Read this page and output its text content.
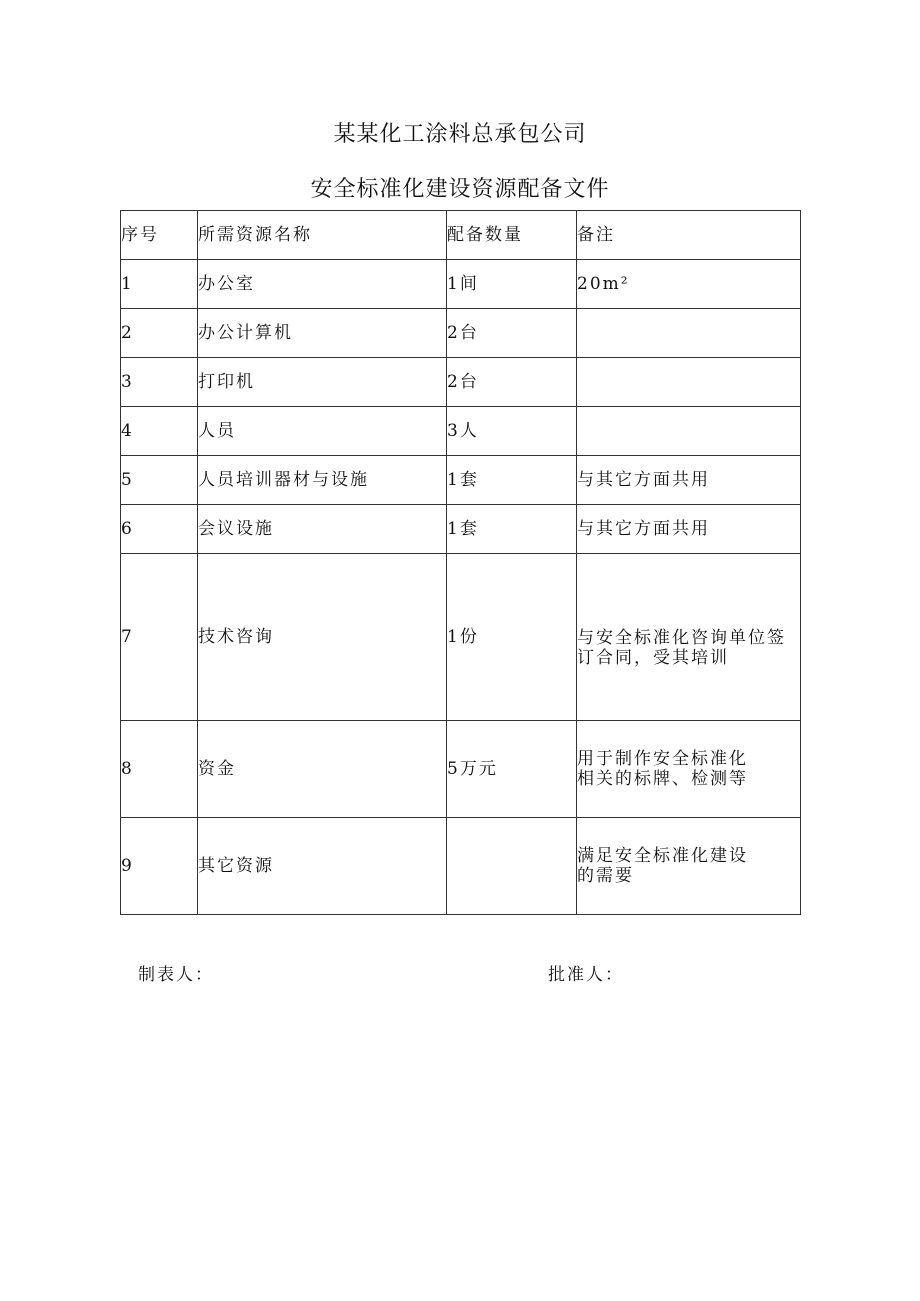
某某化工涂料总承包公司
安全标准化建设资源配备文件
序号	所需资源名称	配备数量	备注
1	办公室	1间	20m²
2	办公计算机	2台	
3	打印机	2台	
4	人员	3人	
5	人员培训器材与设施	1套	与其它方面共用
6	会议设施	1套	与其它方面共用
7	技术咨询	1份	与安全标准化咨询单位签
订合同，受其培训

8	资金	5万元	用于制作安全标准化
相关的标牌、检测等

9	其它资源		满足安全标准化建设
的需要
制表人：	批准人：
